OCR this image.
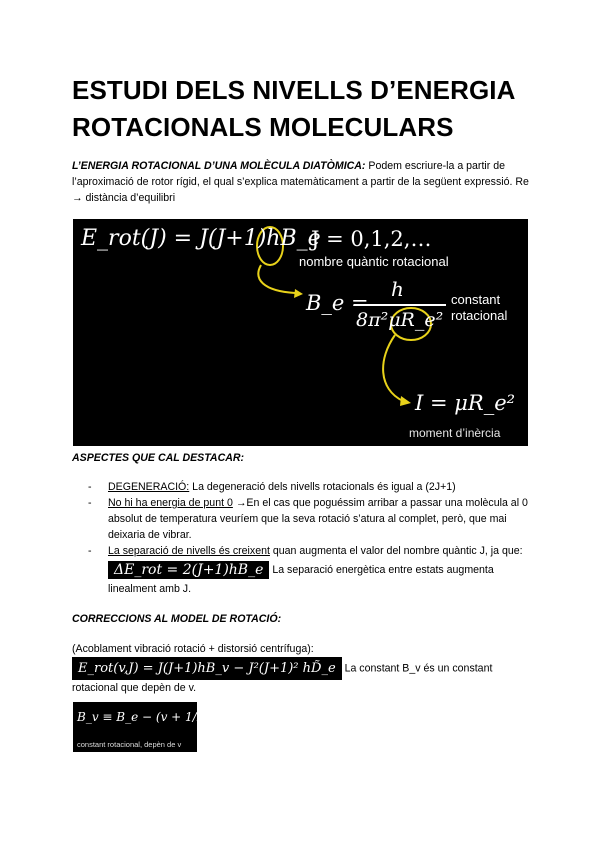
ESTUDI DELS NIVELLS D’ENERGIA ROTACIONALS MOLECULARS
L’ENERGIA ROTACIONAL D’UNA MOLÈCULA DIATÒMICA: Podem escriure-la a partir de l’aproximació de rotor rígid, el qual s’explica matemàticament a partir de la següent expressió. Re → distància d’equilibri
E_rot(J) = J(J+1)hB_e
J = 0,1,2,…
nombre quàntic rotacional
B_e =
h
8π²μR_e²
constant
rotacional
I = μR_e²
moment d’inèrcia
ASPECTES QUE CAL DESTACAR:
- DEGENERACIÓ: La degeneració dels nivells rotacionals és igual a (2J+1)
- No hi ha energia de punt 0 →En el cas que poguéssim arribar a passar una molècula al 0 absolut de temperatura veuríem que la seva rotació s’atura al complet, però, que mai deixaria de vibrar.
- La separació de nivells és creixent quan augmenta el valor del nombre quàntic J, ja que: ΔE_rot = 2(J+1)hB_e La separació energètica entre estats augmenta linealment amb J.
CORRECCIONS AL MODEL DE ROTACIÓ:
(Acoblament vibració rotació + distorsió centrífuga):
E_rot(v,J) = J(J+1)hB_v − J²(J+1)² hD̃_e La constant B_v és un constant rotacional que depèn de v.
B_v ≡ B_e − (v + 1/2) α_e
constant rotacional, depèn de v
